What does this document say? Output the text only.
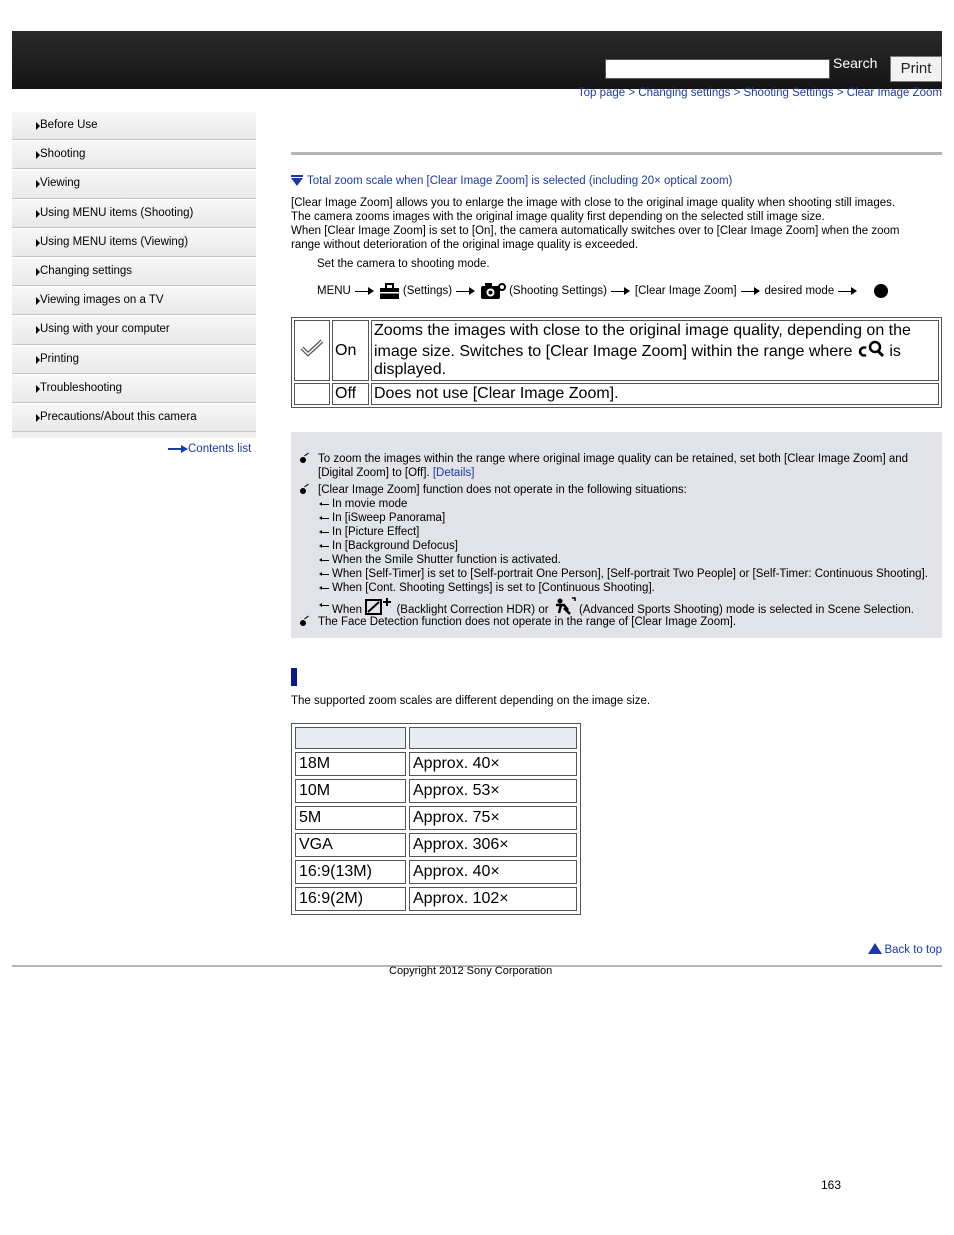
Search	Print
Top page > Changing settings > Shooting Settings > Clear Image Zoom
Before Use
Shooting
Viewing
Using MENU items (Shooting)
Using MENU items (Viewing)
Changing settings
Viewing images on a TV
Using with your computer
Printing
Troubleshooting
Precautions/About this camera
Contents list
Total zoom scale when [Clear Image Zoom] is selected (including 20× optical zoom)

[Clear Image Zoom] allows you to enlarge the image with close to the original image quality when shooting still images.

The camera zooms images with the original image quality first depending on the selected still image size.

When [Clear Image Zoom] is set to [On], the camera automatically switches over to [Clear Image Zoom] when the zoom range without deterioration of the original image quality is exceeded.

Set the camera to shooting mode.
MENU	(Settings)	(Shooting Settings) [Clear Image Zoom] desired mode
	On	Zooms the images with close to the original image quality, depending on the image size. Switches to [Clear Image Zoom] within the range where is displayed.
	Off	Does not use [Clear Image Zoom].
To zoom the images within the range where original image quality can be retained, set both [Clear Image Zoom] and [Digital Zoom] to [Off]. [Details]
[Clear Image Zoom] function does not operate in the following situations:
In movie mode
In [iSweep Panorama]
In [Picture Effect]
In [Background Defocus]
When the Smile Shutter function is activated.
When [Self-Timer] is set to [Self-portrait One Person], [Self-portrait Two People] or [Self-Timer: Continuous Shooting].
When [Cont. Shooting Settings] is set to [Continuous Shooting].
When	(Backlight Correction HDR) or	(Advanced Sports Shooting) mode is selected in Scene Selection.
The Face Detection function does not operate in the range of [Clear Image Zoom].
The supported zoom scales are different depending on the image size.

18M	Approx. 40×
10M	Approx. 53×
5M	Approx. 75×
VGA	Approx. 306×
16:9(13M)	Approx. 40×
16:9(2M)	Approx. 102×
Back to top
Copyright 2012 Sony Corporation
163
